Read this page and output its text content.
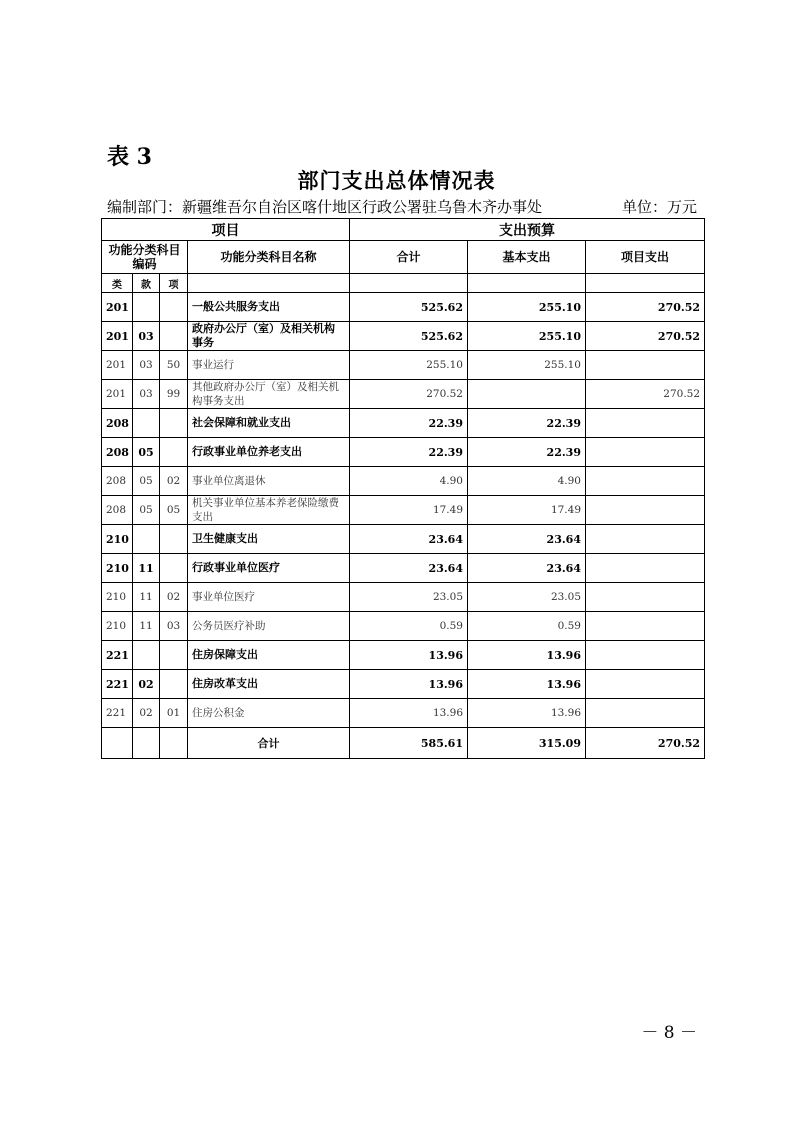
表 3
部门支出总体情况表
编制部门：新疆维吾尔自治区喀什地区行政公署驻乌鲁木齐办事处	单位：万元
项目				支出预算		
功能分类科目编码			功能分类科目名称	合计	基本支出	项目支出
类	款	项				
201			一般公共服务支出	525.62	255.10	270.52
201	03		政府办公厅（室）及相关机构事务	525.62	255.10	270.52
201	03	50	事业运行	255.10	255.10	
201	03	99	其他政府办公厅（室）及相关机构事务支出	270.52		270.52
208			社会保障和就业支出	22.39	22.39	
208	05		行政事业单位养老支出	22.39	22.39	
208	05	02	事业单位离退休	4.90	4.90	
208	05	05	机关事业单位基本养老保险缴费支出	17.49	17.49	
210			卫生健康支出	23.64	23.64	
210	11		行政事业单位医疗	23.64	23.64	
210	11	02	事业单位医疗	23.05	23.05	
210	11	03	公务员医疗补助	0.59	0.59	
221			住房保障支出	13.96	13.96	
221	02		住房改革支出	13.96	13.96	
221	02	01	住房公积金	13.96	13.96	
			合计	585.61	315.09	270.52
－ 8 －
